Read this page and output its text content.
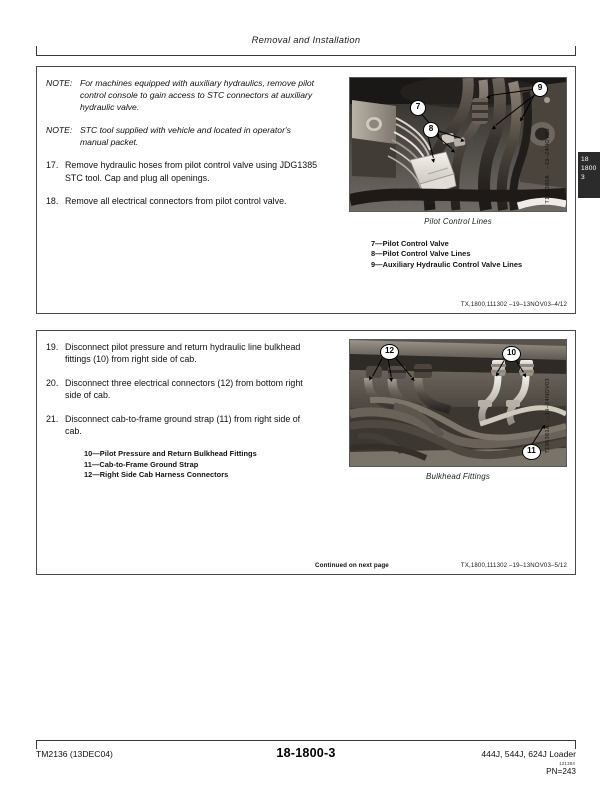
Removal and Installation
18
1800
3
NOTE: For machines equipped with auxiliary hydraulics, remove pilot control console to gain access to STC connectors at auxiliary hydraulic valve.
NOTE: STC tool supplied with vehicle and located in operator's manual packet.
17. Remove hydraulic hoses from pilot control valve using JDG1385 STC tool. Cap and plug all openings.
18. Remove all electrical connectors from pilot control valve.
9
7
8
Pilot Control Lines
7—Pilot Control Valve
8—Pilot Control Valve Lines
9—Auxiliary Hydraulic Control Valve Lines
TX,1800,111302 –19–13NOV03–4/12
–19–24NOV03
T195380A
19. Disconnect pilot pressure and return hydraulic line bulkhead fittings (10) from right side of cab.
20. Disconnect three electrical connectors (12) from bottom right side of cab.
21. Disconnect cab-to-frame ground strap (11) from right side of cab.
10—Pilot Pressure and Return Bulkhead Fittings
11—Cab-to-Frame Ground Strap
12—Right Side Cab Harness Connectors
12	10
11
Bulkhead Fittings
Continued on next page	TX,1800,111302 –19–13NOV03–5/12
–19–24NOV03
T195381A
TM2136 (13DEC04)	18-1800-3	444J, 544J, 624J Loader
121304
PN=243
